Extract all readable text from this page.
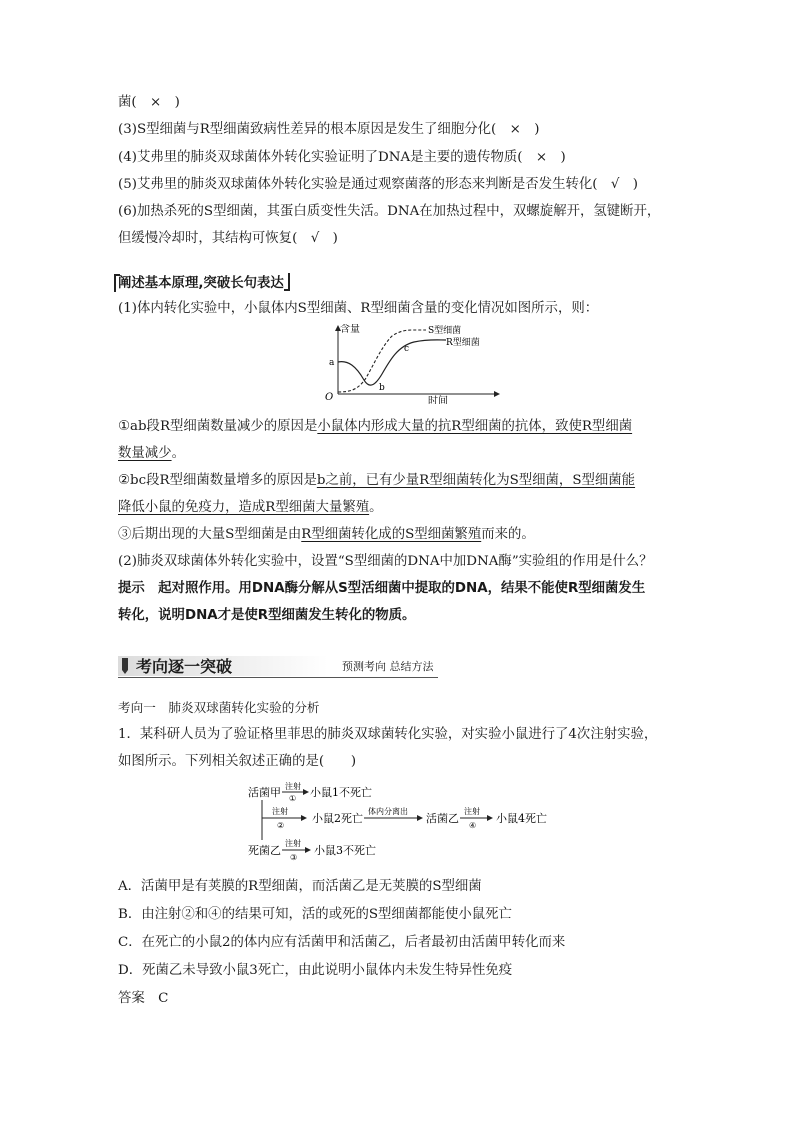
菌(　×　)
(3)S型细菌与R型细菌致病性差异的根本原因是发生了细胞分化(　×　)
(4)艾弗里的肺炎双球菌体外转化实验证明了DNA是主要的遗传物质(　×　)
(5)艾弗里的肺炎双球菌体外转化实验是通过观察菌落的形态来判断是否发生转化(　√　)
(6)加热杀死的S型细菌，其蛋白质变性失活。DNA在加热过程中，双螺旋解开，氢键断开，
但缓慢冷却时，其结构可恢复(　√　)
阐述基本原理,突破长句表达
(1)体内转化实验中，小鼠体内S型细菌、R型细菌含量的变化情况如图所示，则：
含量
时间
O
a
b
c
S型细菌
R型细菌
①ab段R型细菌数量减少的原因是小鼠体内形成大量的抗R型细菌的抗体，致使R型细菌
数量减少。
②bc段R型细菌数量增多的原因是b之前，已有少量R型细菌转化为S型细菌，S型细菌能
降低小鼠的免疫力，造成R型细菌大量繁殖。
③后期出现的大量S型细菌是由R型细菌转化成的S型细菌繁殖而来的。
(2)肺炎双球菌体外转化实验中，设置“S型细菌的DNA中加DNA酶”实验组的作用是什么？
提示　起对照作用。用DNA酶分解从S型活细菌中提取的DNA，结果不能使R型细菌发生
转化，说明DNA才是使R型细菌发生转化的物质。
考向逐一突破	预测考向 总结方法
考向一　肺炎双球菌转化实验的分析
1．某科研人员为了验证格里菲思的肺炎双球菌转化实验，对实验小鼠进行了4次注射实验，
如图所示。下列相关叙述正确的是(　　)
活菌甲 注射
① 小鼠1不死亡
注射
②
小鼠2死亡
体内分离出
活菌乙
注射
④
小鼠4死亡
死菌乙
注射
③
小鼠3不死亡
A．活菌甲是有荚膜的R型细菌，而活菌乙是无荚膜的S型细菌
B．由注射②和④的结果可知，活的或死的S型细菌都能使小鼠死亡
C．在死亡的小鼠2的体内应有活菌甲和活菌乙，后者最初由活菌甲转化而来
D．死菌乙未导致小鼠3死亡，由此说明小鼠体内未发生特异性免疫
答案　C
